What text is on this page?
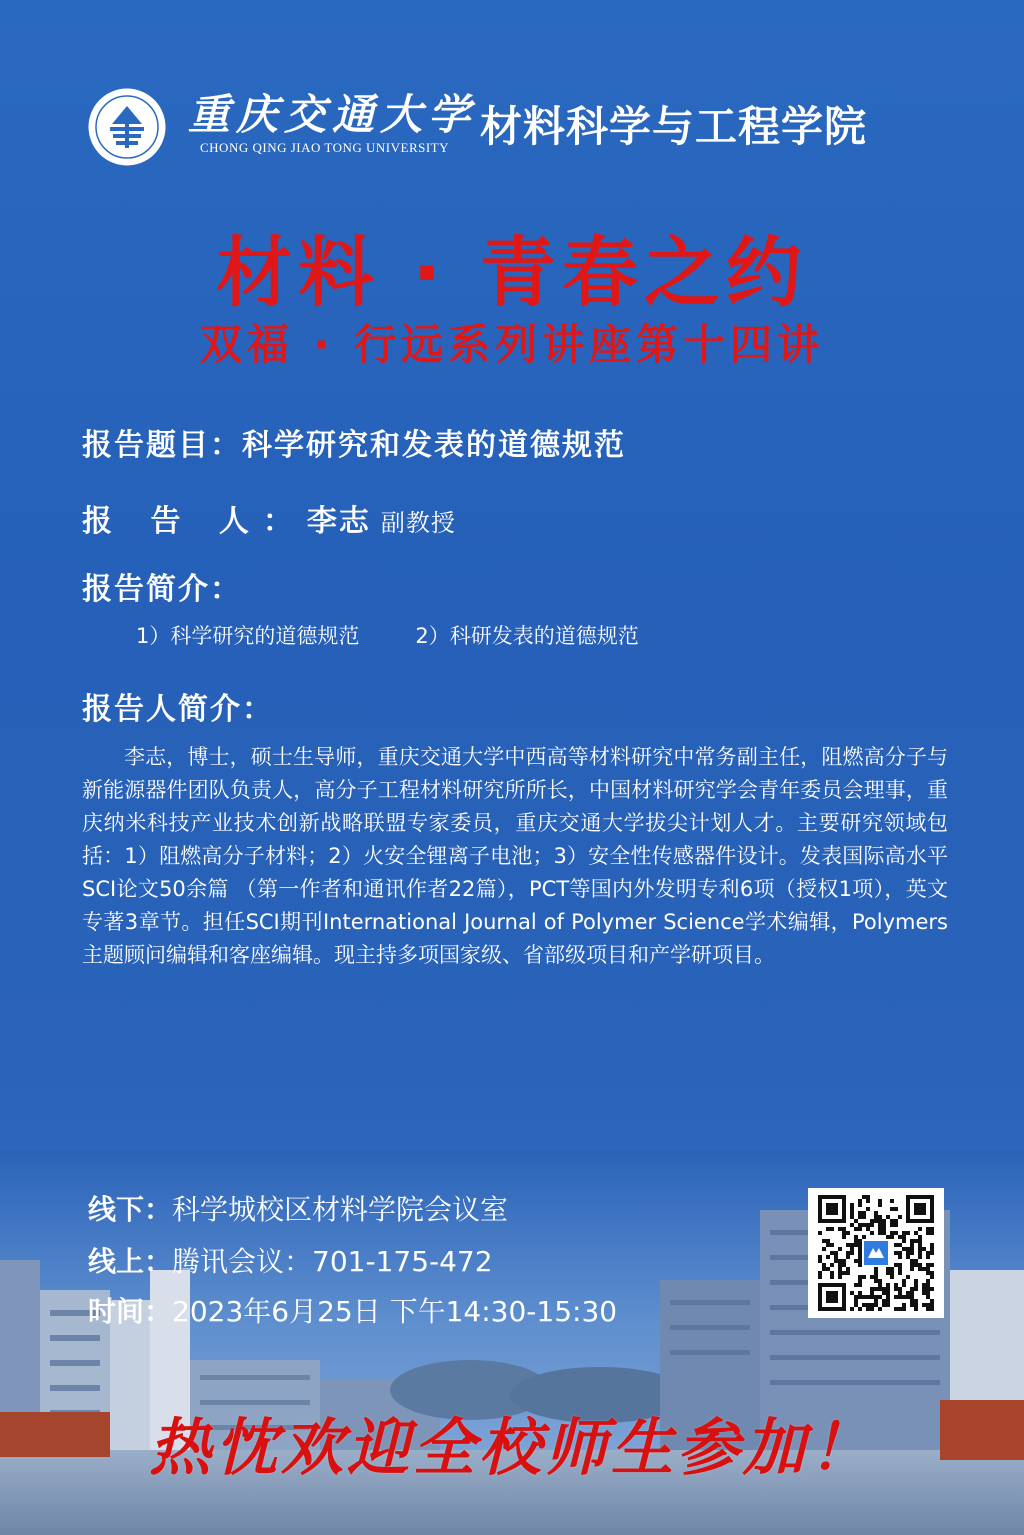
重庆交通大学
CHONG QING JIAO TONG UNIVERSITY 材料科学与工程学院
材料 · 青春之约
双福 · 行远系列讲座第十四讲
报告题目：科学研究和发表的道德规范
报 告 人：李志 副教授
报告简介：
1）科学研究的道德规范	2）科研发表的道德规范
报告人简介：
李志，博士，硕士生导师，重庆交通大学中西高等材料研究中常务副主任，阻燃高分子与新能源器件团队负责人，高分子工程材料研究所所长，中国材料研究学会青年委员会理事，重庆纳米科技产业技术创新战略联盟专家委员，重庆交通大学拔尖计划人才。主要研究领域包括：1）阻燃高分子材料；2）火安全锂离子电池；3）安全性传感器件设计。发表国际高水平SCI论文50余篇 （第一作者和通讯作者22篇），PCT等国内外发明专利6项（授权1项），英文专著3章节。担任SCI期刊International Journal of Polymer Science学术编辑，Polymers主题顾问编辑和客座编辑。现主持多项国家级、省部级项目和产学研项目。
线下：科学城校区材料学院会议室
线上：腾讯会议：701-175-472
时间：2023年6月25日 下午14:30-15:30
热忱欢迎全校师生参加！
